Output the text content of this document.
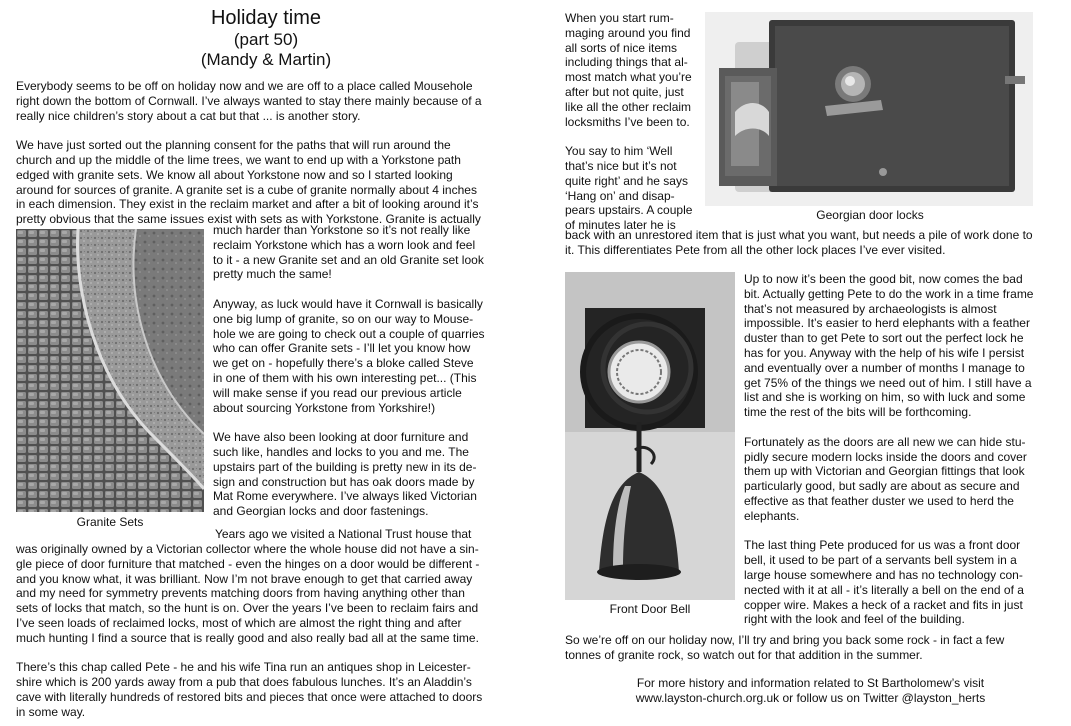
Holiday time
(part 50)
(Mandy & Martin)

Everybody seems to be off on holiday now and we are off to a place called Mousehole right down the bottom of Cornwall. I’ve always wanted to stay there mainly because of a really nice children’s story about a cat but that ... is another story.

We have just sorted out the planning consent for the paths that will run around the church and up the middle of the lime trees, we want to end up with a Yorkstone path edged with granite sets. We know all about Yorkstone now and so I started looking around for sources of granite. A granite set is a cube of granite normally about 4 inches in each dimension. They exist in the reclaim market and after a bit of looking around it’s pretty obvious that the same issues exist with sets as with Yorkstone. Granite is actually

Granite Sets

much harder than Yorkstone so it’s not really like reclaim Yorkstone which has a worn look and feel to it - a new Granite set and an old Granite set look pretty much the same!

Anyway, as luck would have it Cornwall is basically one big lump of granite, so on our way to Mouse-hole we are going to check out a couple of quarries who can offer Granite sets - I’ll let you know how we get on - hopefully there’s a bloke called Steve in one of them with his own interesting pet... (This will make sense if you read our previous article about sourcing Yorkstone from Yorkshire!)

We have also been looking at door furniture and such like, handles and locks to you and me. The upstairs part of the building is pretty new in its de-sign and construction but has oak doors made by Mat Rome everywhere. I’ve always liked Victorian and Georgian locks and door fastenings.

Years ago we visited a National Trust house that

was originally owned by a Victorian collector where the whole house did not have a sin-gle piece of door furniture that matched - even the hinges on a door would be different - and you know what, it was brilliant. Now I’m not brave enough to get that carried away and my need for symmetry prevents matching doors from having anything other than sets of locks that match, so the hunt is on. Over the years I’ve been to reclaim fairs and I’ve seen loads of reclaimed locks, most of which are almost the right thing and after much hunting I find a source that is really good and also really bad all at the same time.

There’s this chap called Pete - he and his wife Tina run an antiques shop in Leicester-shire which is 200 yards away from a pub that does fabulous lunches. It’s an Aladdin’s cave with literally hundreds of restored bits and pieces that once were attached to doors in some way.

When you start rum-maging around you find all sorts of nice items including things that al-most match what you’re after but not quite, just like all the other reclaim locksmiths I’ve been to.

You say to him ‘Well that’s nice but it’s not quite right’ and he says ‘Hang on’ and disap-pears upstairs. A couple of minutes later he is

Georgian door locks

back with an unrestored item that is just what you want, but needs a pile of work done to it. This differentiates Pete from all the other lock places I’ve ever visited.

Front Door Bell

Up to now it’s been the good bit, now comes the bad bit. Actually getting Pete to do the work in a time frame that’s not measured by archaeologists is almost impossible. It’s easier to herd elephants with a feather duster than to get Pete to sort out the perfect lock he has for you. Anyway with the help of his wife I persist and eventually over a number of months I manage to get 75% of the things we need out of him. I still have a list and she is working on him, so with luck and some time the rest of the bits will be forthcoming.

Fortunately as the doors are all new we can hide stu-pidly secure modern locks inside the doors and cover them up with Victorian and Georgian fittings that look particularly good, but sadly are about as secure and effective as that feather duster we used to herd the elephants.

The last thing Pete produced for us was a front door bell, it used to be part of a servants bell system in a large house somewhere and has no technology con-nected with it at all - it’s literally a bell on the end of a copper wire. Makes a heck of a racket and fits in just right with the look and feel of the building.

So we’re off on our holiday now, I’ll try and bring you back some rock - in fact a few tonnes of granite rock, so watch out for that addition in the summer.

For more history and information related to St Bartholomew’s visit
www.layston-church.org.uk or follow us on Twitter @layston_herts
